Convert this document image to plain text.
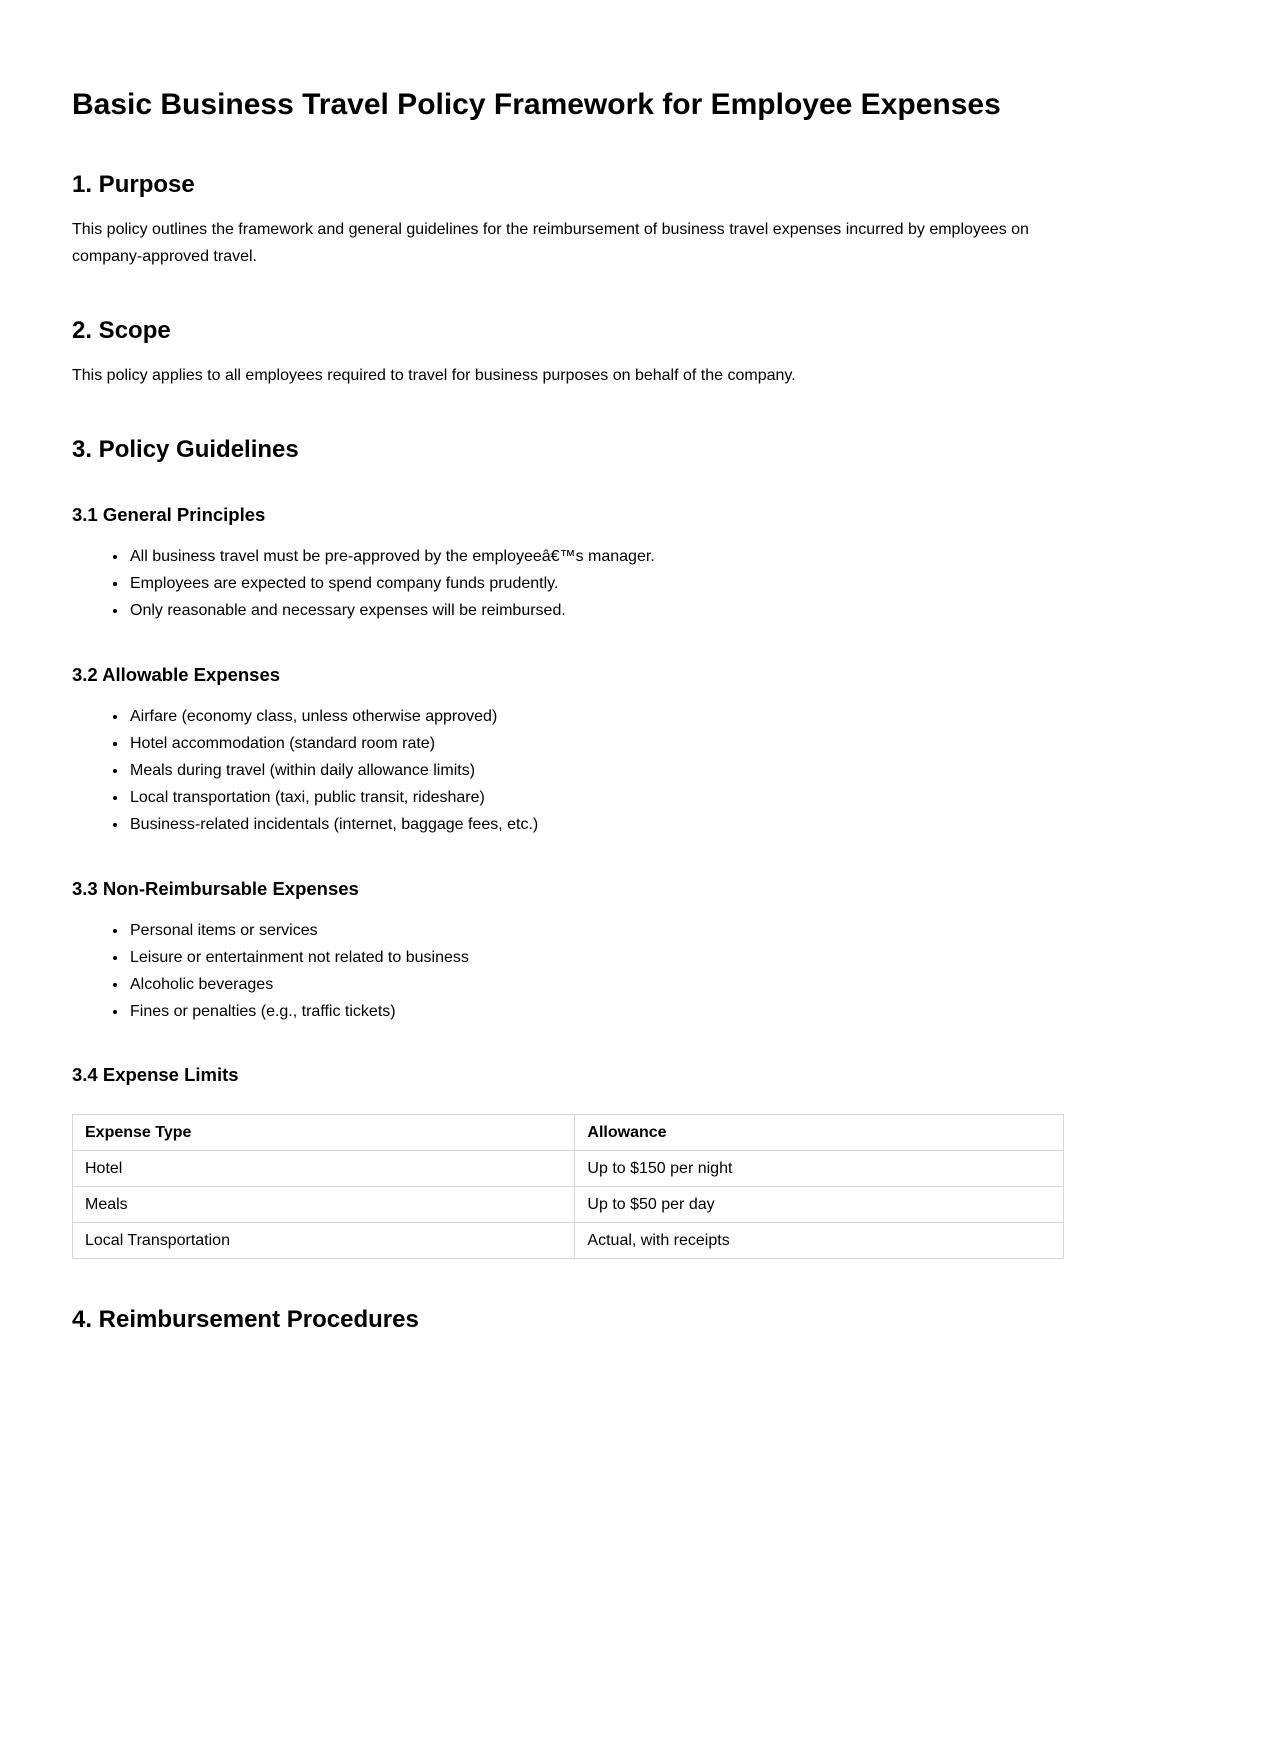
Basic Business Travel Policy Framework for Employee Expenses
1. Purpose

This policy outlines the framework and general guidelines for the reimbursement of business travel expenses incurred by employees on company-approved travel.

2. Scope

This policy applies to all employees required to travel for business purposes on behalf of the company.

3. Policy Guidelines
3.1 General Principles
• All business travel must be pre-approved by the employeeâ€™s manager.
• Employees are expected to spend company funds prudently.
• Only reasonable and necessary expenses will be reimbursed.
3.2 Allowable Expenses
• Airfare (economy class, unless otherwise approved)
• Hotel accommodation (standard room rate)
• Meals during travel (within daily allowance limits)
• Local transportation (taxi, public transit, rideshare)
• Business-related incidentals (internet, baggage fees, etc.)
3.3 Non-Reimbursable Expenses
• Personal items or services
• Leisure or entertainment not related to business
• Alcoholic beverages
• Fines or penalties (e.g., traffic tickets)
3.4 Expense Limits
Expense Type	Allowance
Hotel	Up to $150 per night
Meals	Up to $50 per day
Local Transportation	Actual, with receipts
4. Reimbursement Procedures
